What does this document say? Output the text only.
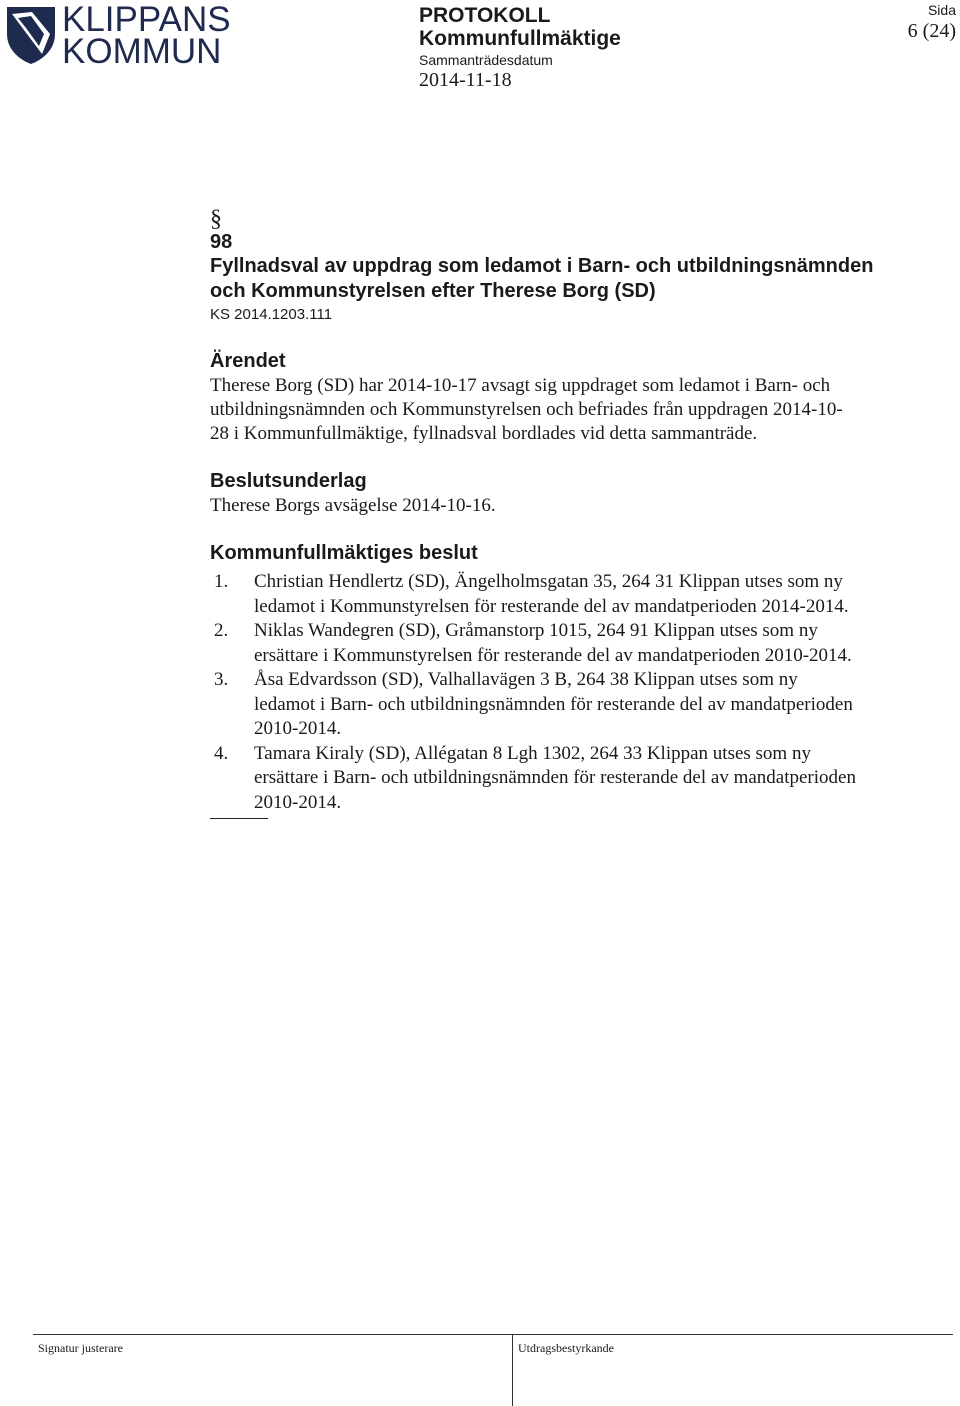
KLIPPANS
KOMMUN
PROTOKOLL
Kommunfullmäktige
Sammanträdesdatum
2014-11-18
Sida
6 (24)
§
98
Fyllnadsval av uppdrag som ledamot i Barn- och utbildningsnämnden
och Kommunstyrelsen efter Therese Borg (SD)
KS 2014.1203.111
Ärendet
Therese Borg (SD) har 2014-10-17 avsagt sig uppdraget som ledamot i Barn- och
utbildningsnämnden och Kommunstyrelsen och befriades från uppdragen 2014-10-
28 i Kommunfullmäktige, fyllnadsval bordlades vid detta sammanträde.
Beslutsunderlag
Therese Borgs avsägelse 2014-10-16.
Kommunfullmäktiges beslut
1. Christian Hendlertz (SD), Ängelholmsgatan 35, 264 31 Klippan utses som ny
ledamot i Kommunstyrelsen för resterande del av mandatperioden 2014-2014.
2. Niklas Wandegren (SD), Gråmanstorp 1015, 264 91 Klippan utses som ny
ersättare i Kommunstyrelsen för resterande del av mandatperioden 2010-2014.
3. Åsa Edvardsson (SD), Valhallavägen 3 B, 264 38 Klippan utses som ny
ledamot i Barn- och utbildningsnämnden för resterande del av mandatperioden
2010-2014.
4. Tamara Kiraly (SD), Allégatan 8 Lgh 1302, 264 33 Klippan utses som ny
ersättare i Barn- och utbildningsnämnden för resterande del av mandatperioden
2010-2014.
Signatur justerare	Utdragsbestyrkande
